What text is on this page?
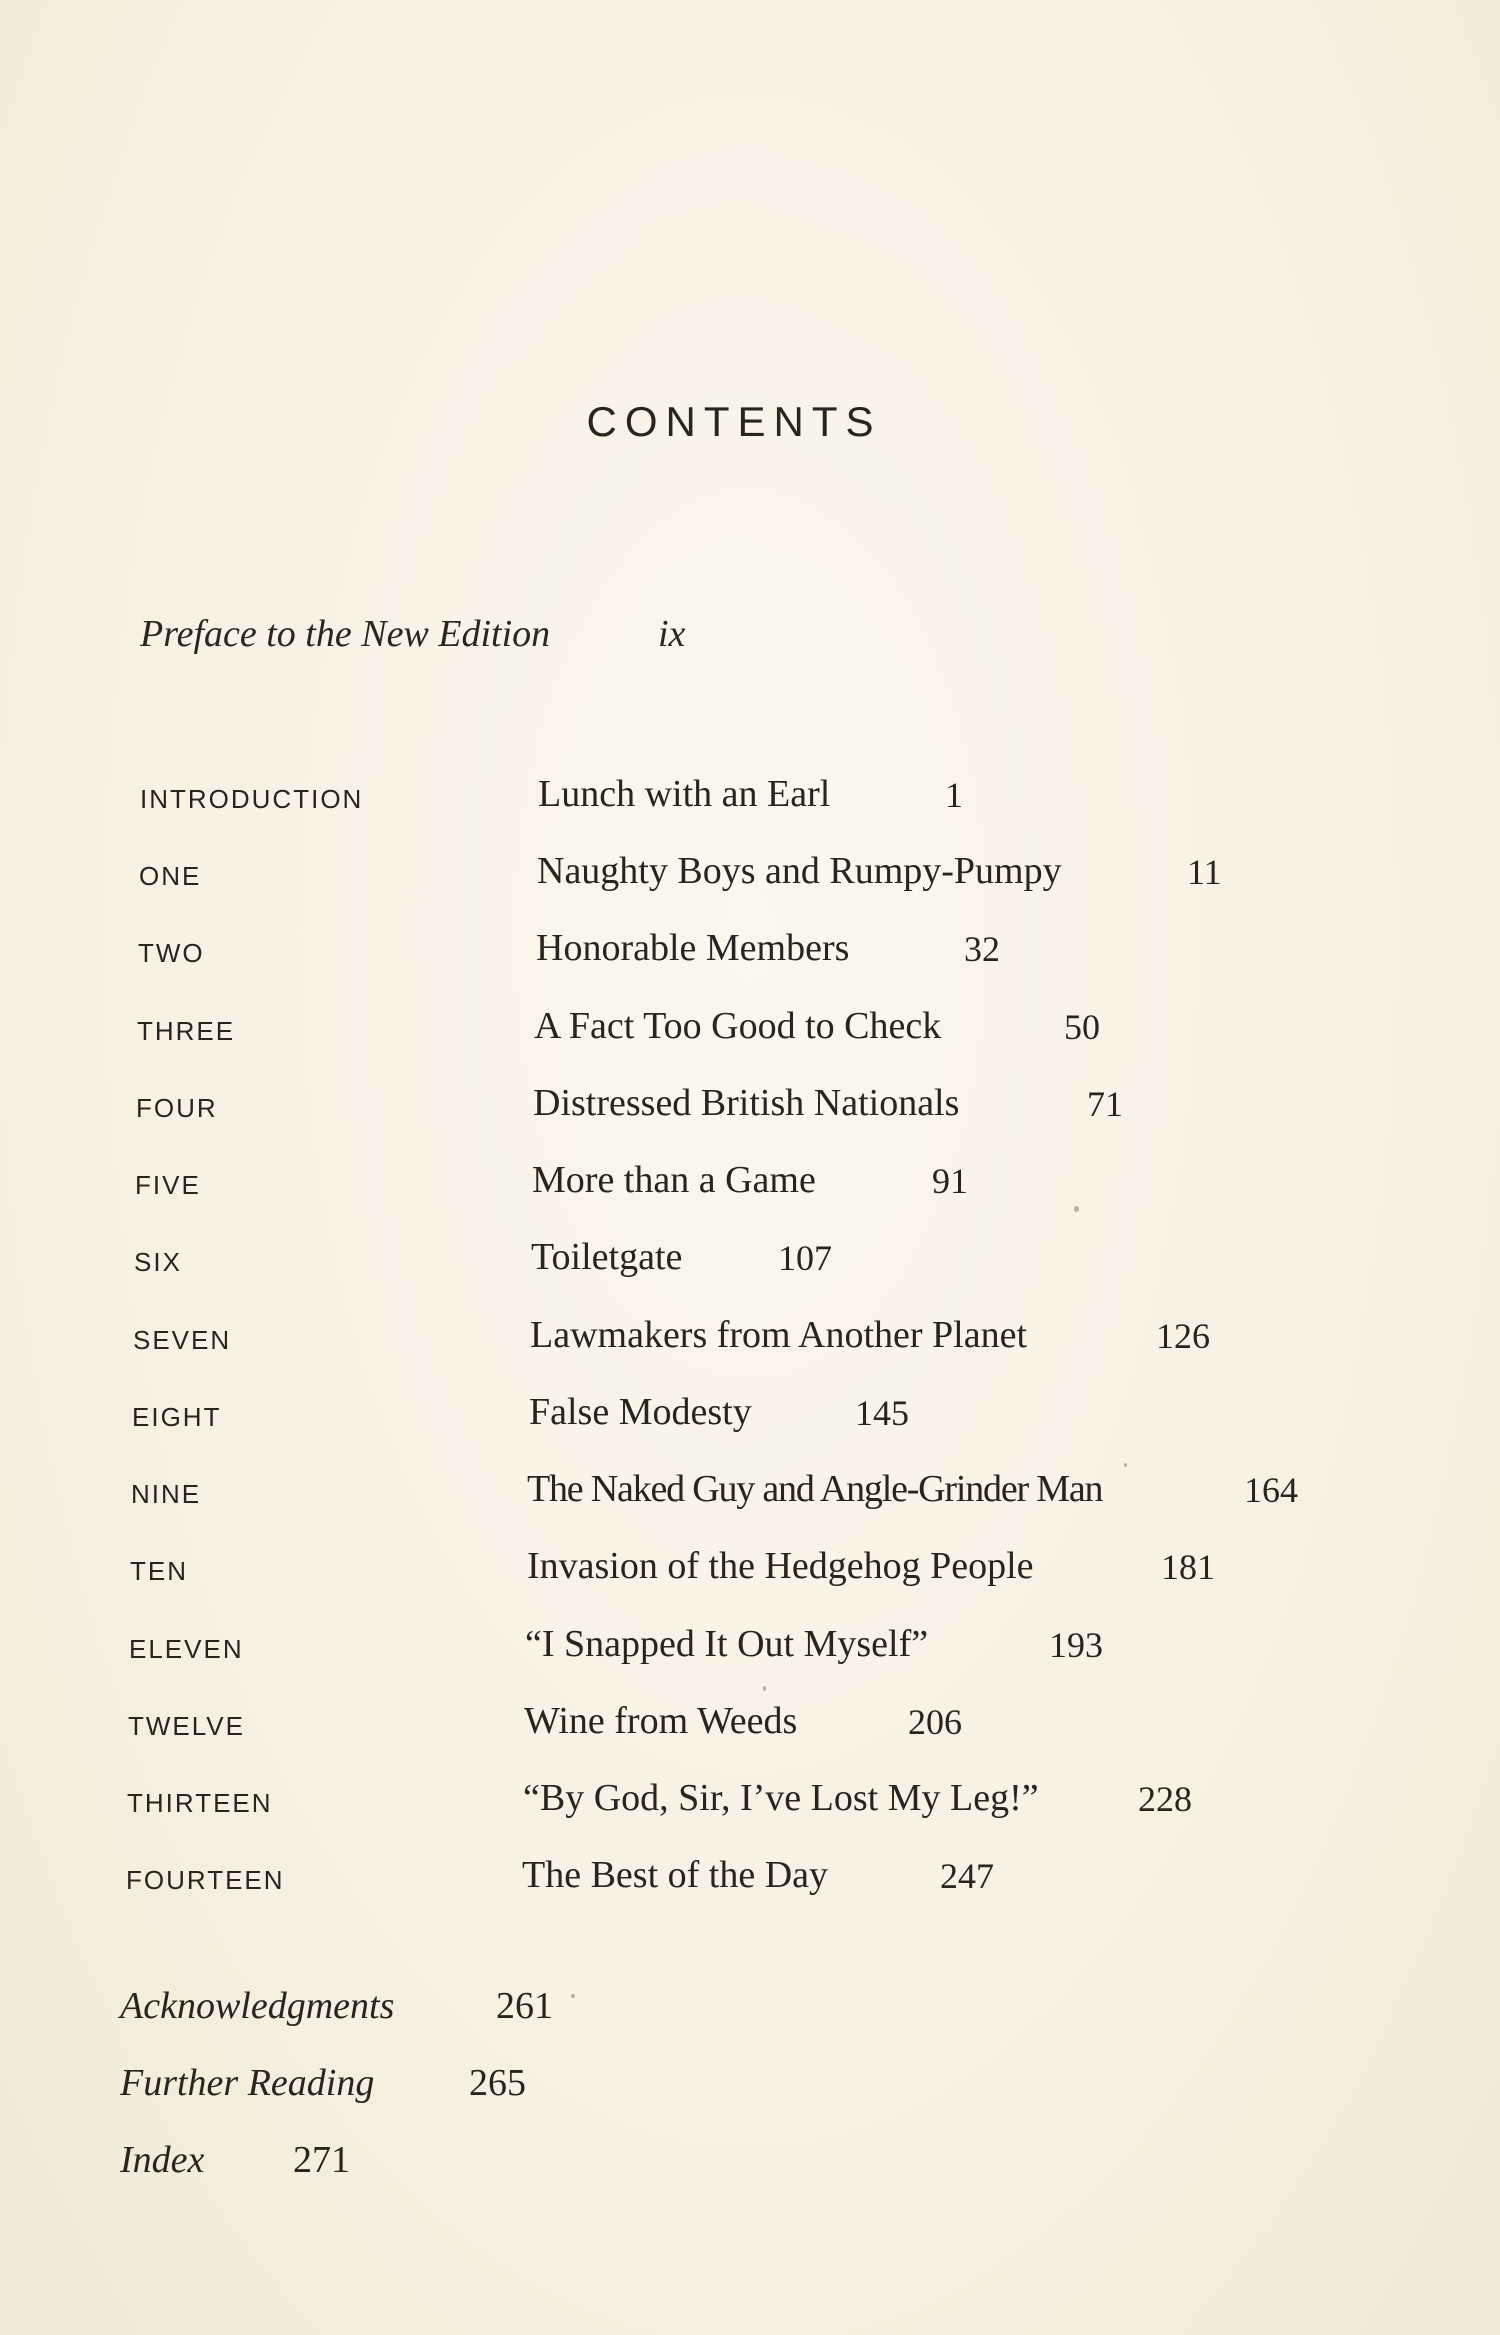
CONTENTS
Preface to the New Edition	ix
INTRODUCTION	Lunch with an Earl	1
ONE	Naughty Boys and Rumpy-Pumpy	11
TWO	Honorable Members	32
THREE	A Fact Too Good to Check	50
FOUR	Distressed British Nationals	71
FIVE	More than a Game	91
SIX	Toiletgate	107
SEVEN	Lawmakers from Another Planet	126
EIGHT	False Modesty	145
NINE	The Naked Guy and Angle-Grinder Man	164
TEN	Invasion of the Hedgehog People	181
ELEVEN	“I Snapped It Out Myself”	193
TWELVE	Wine from Weeds	206
THIRTEEN	“By God, Sir, I’ve Lost My Leg!”	228
FOURTEEN	The Best of the Day	247
Acknowledgments	261
Further Reading 265
Index 271
